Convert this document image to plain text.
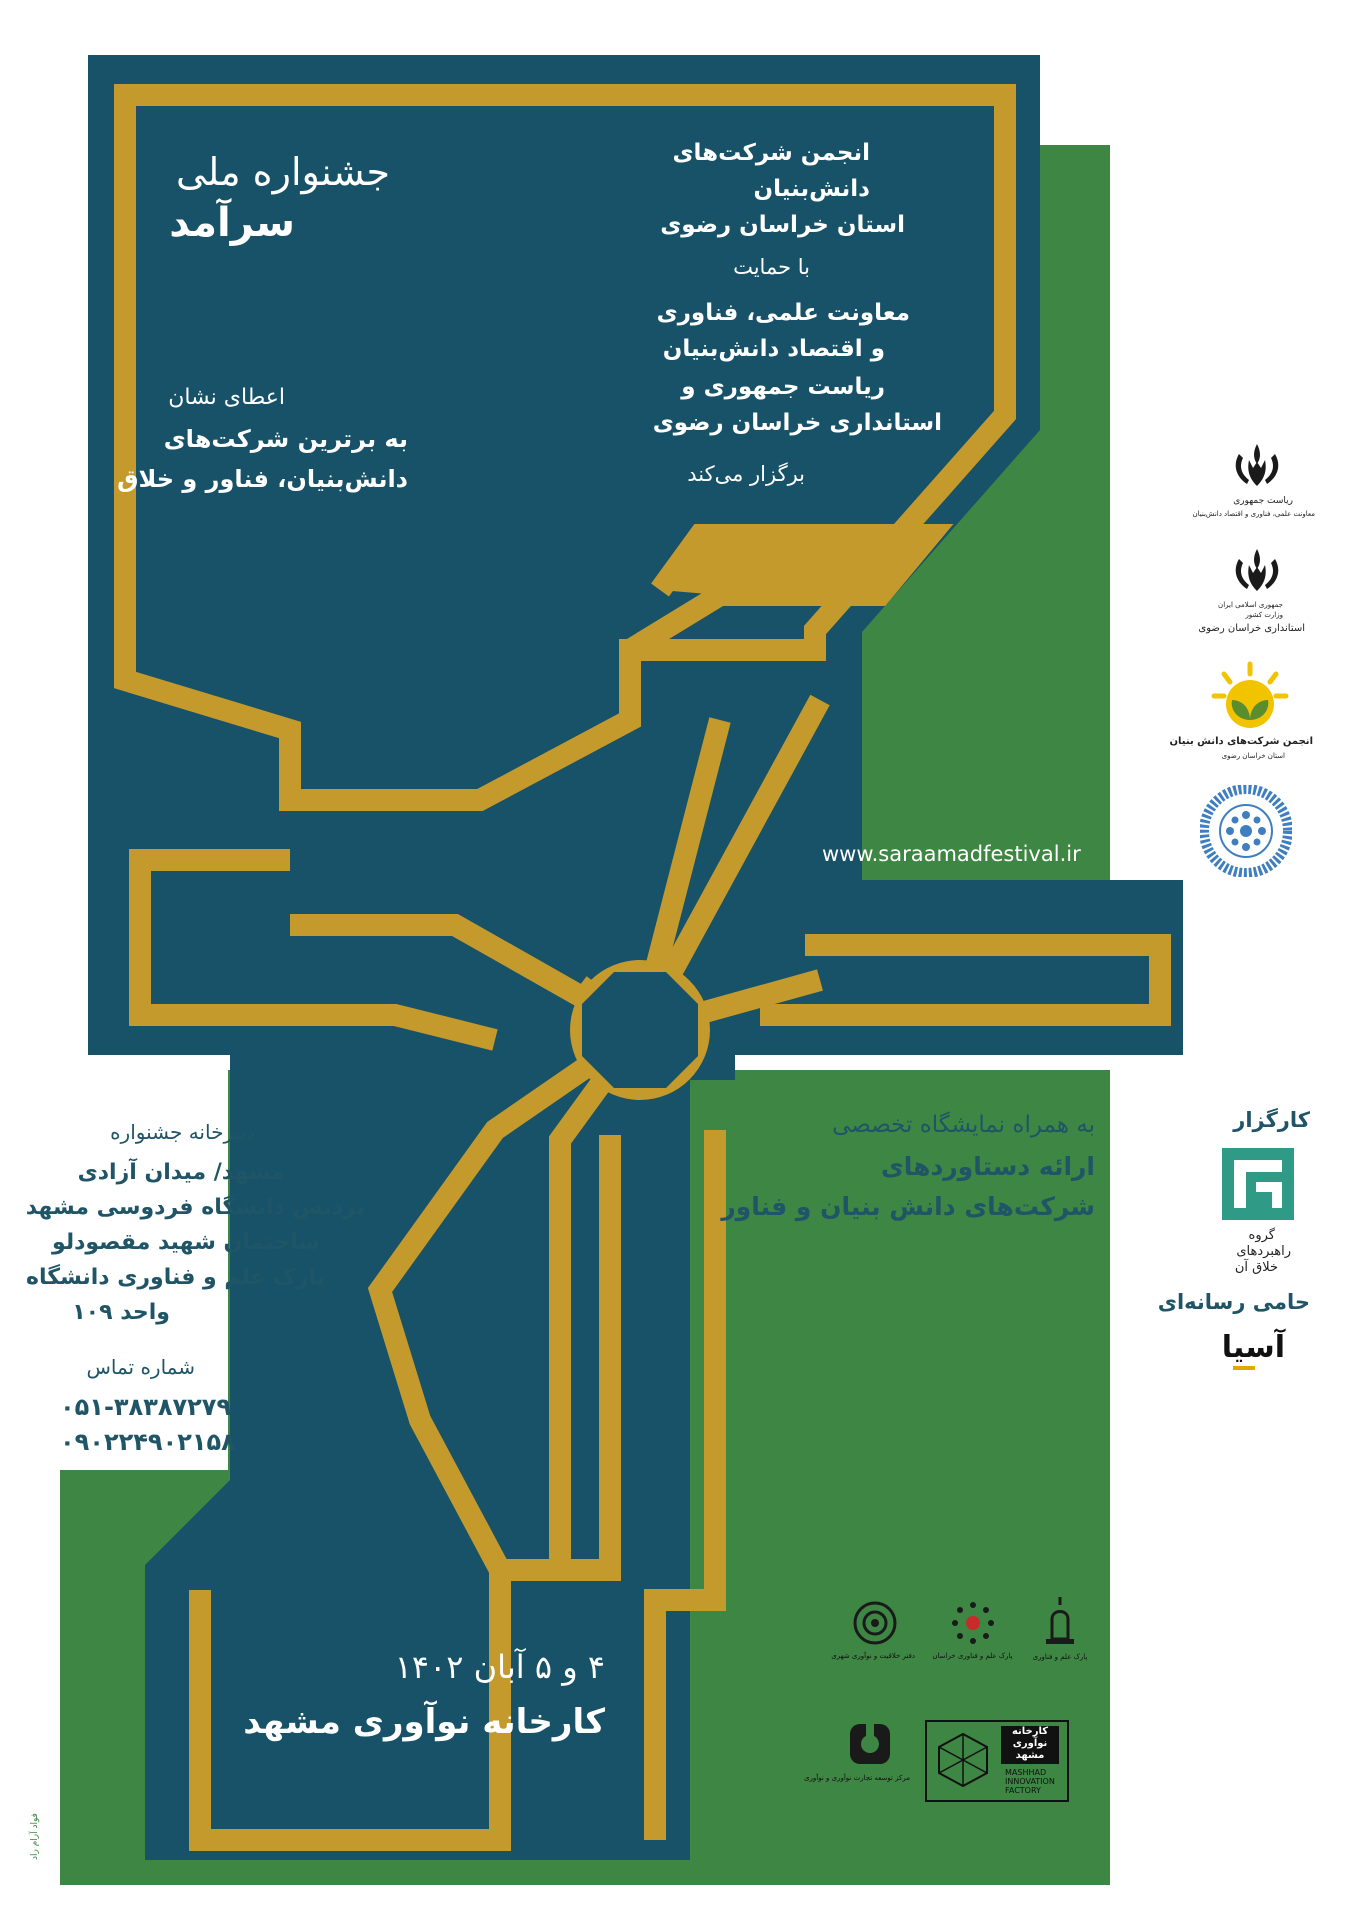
جشنواره ملی
سرآمد
اعطای نشان
به برترین شرکت‌های
دانش‌بنیان، فناور و خلاق
انجمن شرکت‌های
دانش‌بنیان
استان خراسان رضوی
با حمایت
معاونت علمی، فناوری
و اقتصاد دانش‌بنیان
ریاست جمهوری و
استانداری خراسان رضوی
برگزار می‌کند
www.saraamadfestival.ir
به همراه نمایشگاه تخصصی
ارائه دستاوردهای
شرکت‌های دانش بنیان و فناور
دبیرخانه جشنواره
مشهد/ میدان آزادی
پردیس دانشگاه فردوسی مشهد
ساختمان شهید مقصودلو
پارک علم و فناوری دانشگاه
واحد ۱۰۹
شماره تماس
۰۵۱-۳۸۳۸۷۲۷۹
۰۹۰۲۲۴۹۰۲۱۵۸
۴ و ۵ آبان ۱۴۰۲
کارخانه نوآوری مشهد
ریاست جمهوری
معاونت علمی، فناوری و اقتصاد دانش‌بنیان
جمهوری اسلامی ایران
وزارت کشور
استانداری خراسان رضوی
انجمن شرکت‌های دانش بنیان
استان خراسان رضوی
کارگزار
گروه
راهبردهای
خلاق آن
حامی رسانه‌ای
آسیا
دفتر خلاقیت و نوآوری شهری	پارک علم و فناوری خراسان	پارک علم و فناوری
مرکز توسعه تجارت نوآوری و نوآوری
کارخانه
نوآوری
مشهد
MASHHAD
INNOVATION
FACTORY
فواد آرام راد
